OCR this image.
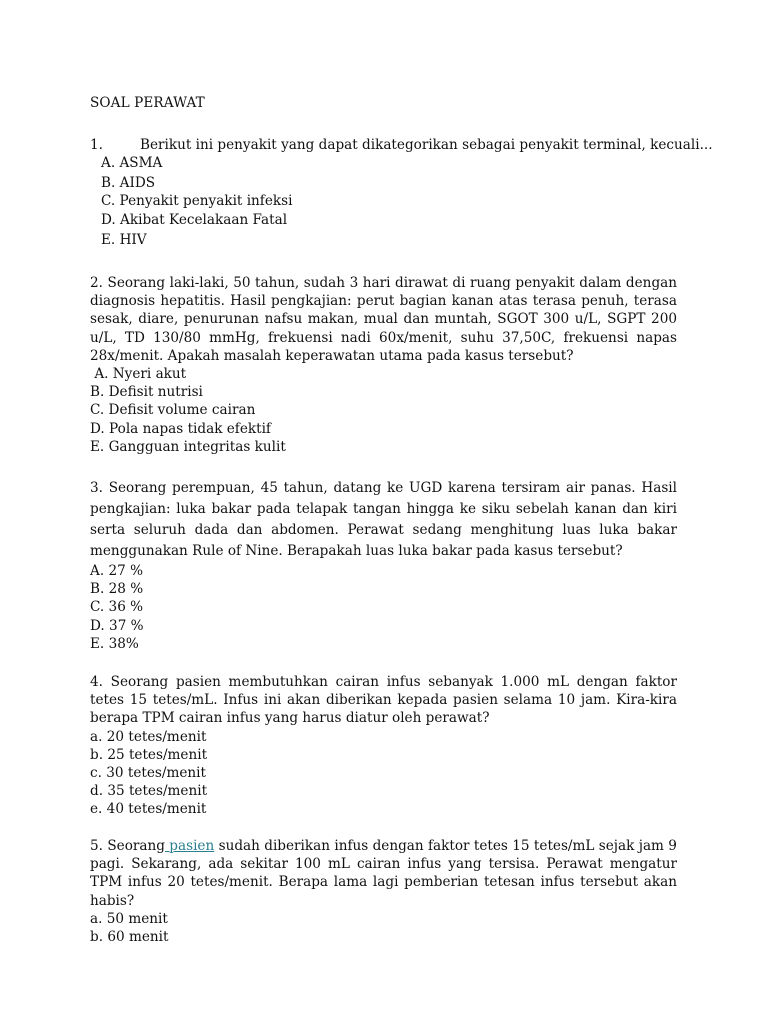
SOAL PERAWAT
1.	Berikut ini penyakit yang dapat dikategorikan sebagai penyakit terminal, kecuali...
A. ASMA
B. AIDS
C. Penyakit penyakit infeksi
D. Akibat Kecelakaan Fatal
E. HIV

2. Seorang laki-laki, 50 tahun, sudah 3 hari dirawat di ruang penyakit dalam dengan diagnosis hepatitis. Hasil pengkajian: perut bagian kanan atas terasa penuh, terasa sesak, diare, penurunan nafsu makan, mual dan muntah, SGOT 300 u/L, SGPT 200 u/L, TD 130/80 mmHg, frekuensi nadi 60x/menit, suhu 37,50C, frekuensi napas 28x/menit. Apakah masalah keperawatan utama pada kasus tersebut?

A. Nyeri akut
B. Defisit nutrisi
C. Defisit volume cairan
D. Pola napas tidak efektif
E. Gangguan integritas kulit

3. Seorang perempuan, 45 tahun, datang ke UGD karena tersiram air panas. Hasil pengkajian: luka bakar pada telapak tangan hingga ke siku sebelah kanan dan kiri serta seluruh dada dan abdomen. Perawat sedang menghitung luas luka bakar menggunakan Rule of Nine. Berapakah luas luka bakar pada kasus tersebut?

A. 27 %
B. 28 %
C. 36 %
D. 37 %
E. 38%

4. Seorang pasien membutuhkan cairan infus sebanyak 1.000 mL dengan faktor tetes 15 tetes/mL. Infus ini akan diberikan kepada pasien selama 10 jam. Kira-kira berapa TPM cairan infus yang harus diatur oleh perawat?

a. 20 tetes/menit
b. 25 tetes/menit
c. 30 tetes/menit
d. 35 tetes/menit
e. 40 tetes/menit

5. Seorang pasien sudah diberikan infus dengan faktor tetes 15 tetes/mL sejak jam 9 pagi. Sekarang, ada sekitar 100 mL cairan infus yang tersisa. Perawat mengatur TPM infus 20 tetes/menit. Berapa lama lagi pemberian tetesan infus tersebut akan habis?

a. 50 menit
b. 60 menit
